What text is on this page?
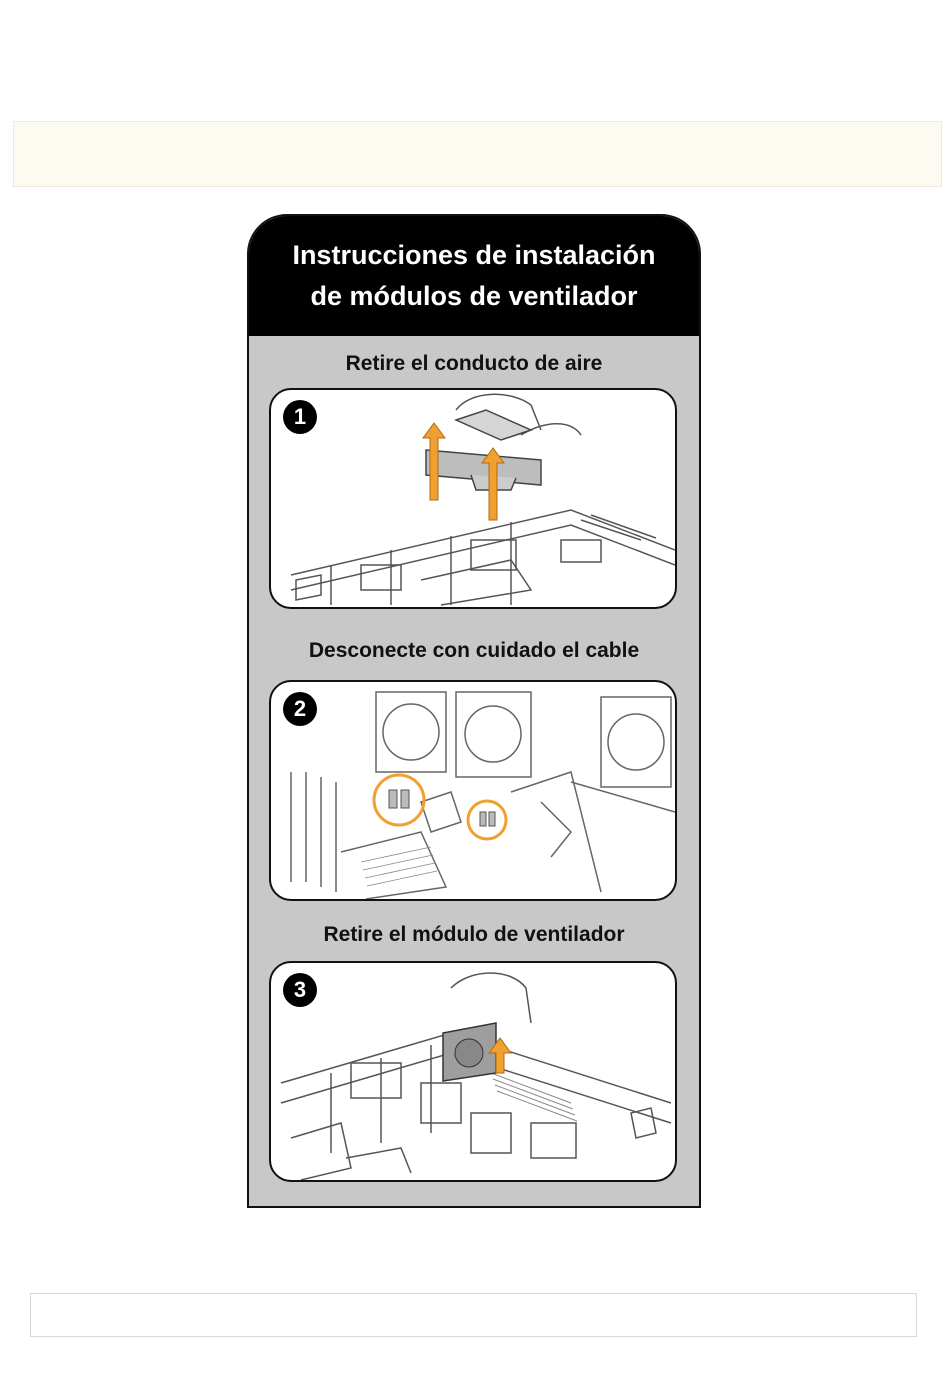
Instrucciones de instalación
de módulos de ventilador
Retire el conducto de aire
1
Desconecte con cuidado el cable
2
Retire el módulo de ventilador
3
